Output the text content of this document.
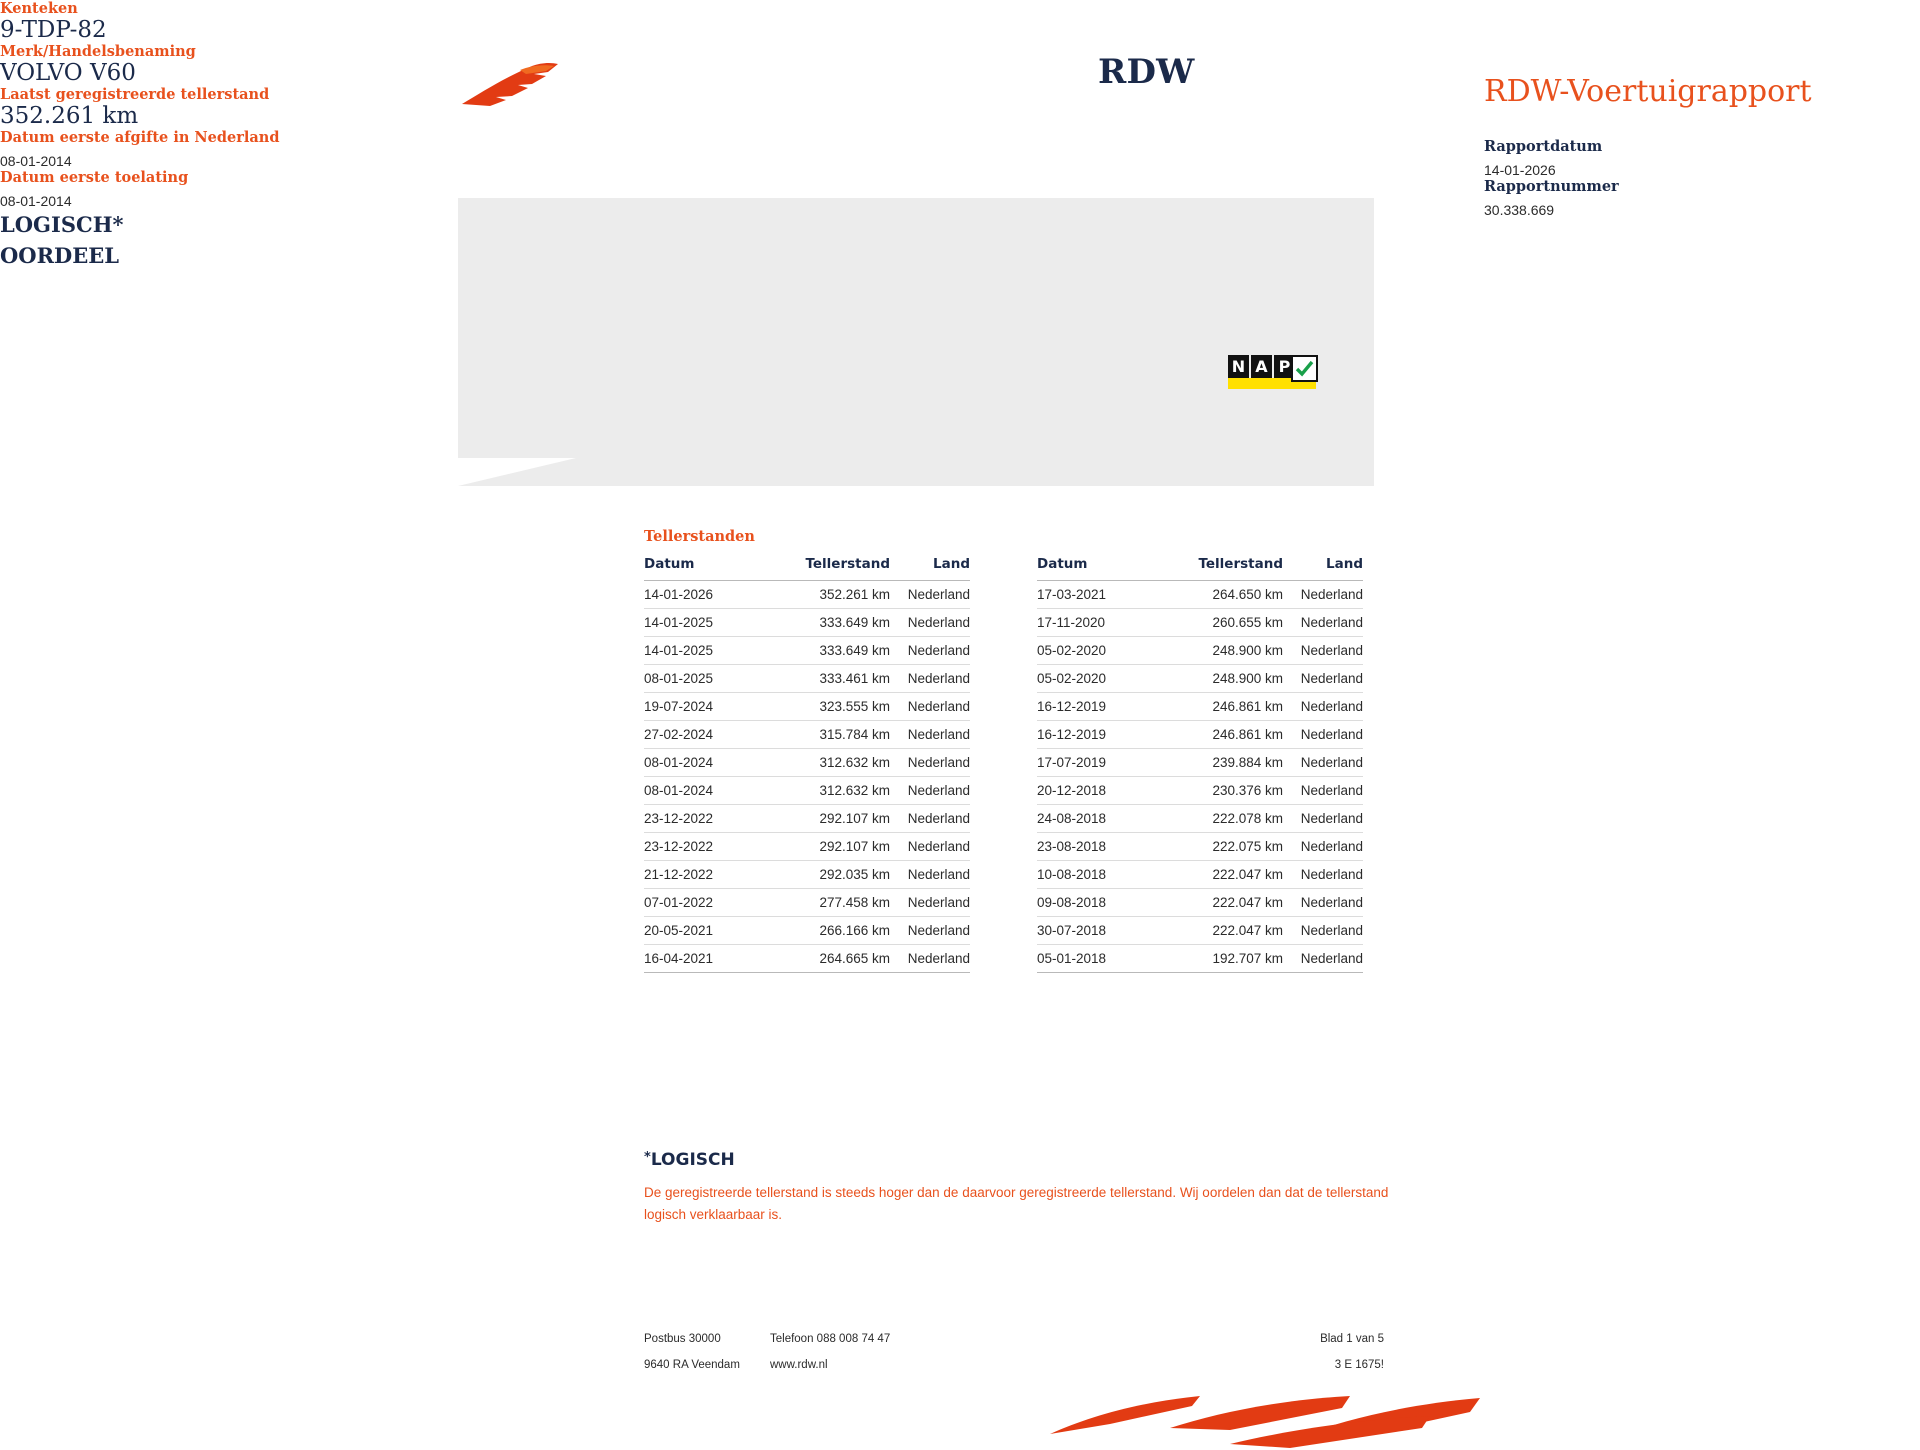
RDW	RDW-Voertuigrapport
Rapportdatum
14-01-2026

Rapportnummer
30.338.669
Kenteken
9-TDP-82
Merk/Handelsbenaming
VOLVO V60
Laatst geregistreerde tellerstand
352.261 km
Datum eerste afgifte in Nederland
08-01-2014
Datum eerste toelating
08-01-2014
LOGISCH*
OORDEEL
N A P
Tellerstanden
Datum	Tellerstand	Land
14-01-2026	352.261 km	Nederland
14-01-2025	333.649 km	Nederland
14-01-2025	333.649 km	Nederland
08-01-2025	333.461 km	Nederland
19-07-2024	323.555 km	Nederland
27-02-2024	315.784 km	Nederland
08-01-2024	312.632 km	Nederland
08-01-2024	312.632 km	Nederland
23-12-2022	292.107 km	Nederland
23-12-2022	292.107 km	Nederland
21-12-2022	292.035 km	Nederland
07-01-2022	277.458 km	Nederland
20-05-2021	266.166 km	Nederland
16-04-2021	264.665 km	Nederland
Datum	Tellerstand	Land
17-03-2021	264.650 km	Nederland
17-11-2020	260.655 km	Nederland
05-02-2020	248.900 km	Nederland
05-02-2020	248.900 km	Nederland
16-12-2019	246.861 km	Nederland
16-12-2019	246.861 km	Nederland
17-07-2019	239.884 km	Nederland
20-12-2018	230.376 km	Nederland
24-08-2018	222.078 km	Nederland
23-08-2018	222.075 km	Nederland
10-08-2018	222.047 km	Nederland
09-08-2018	222.047 km	Nederland
30-07-2018	222.047 km	Nederland
05-01-2018	192.707 km	Nederland
*LOGISCH
De geregistreerde tellerstand is steeds hoger dan de daarvoor geregistreerde tellerstand. Wij oordelen dan dat de tellerstand logisch verklaarbaar is.
Postbus 30000	Telefoon 088 008 74 47	Blad 1 van 5
9640 RA Veendam	www.rdw.nl	3 E 1675!
